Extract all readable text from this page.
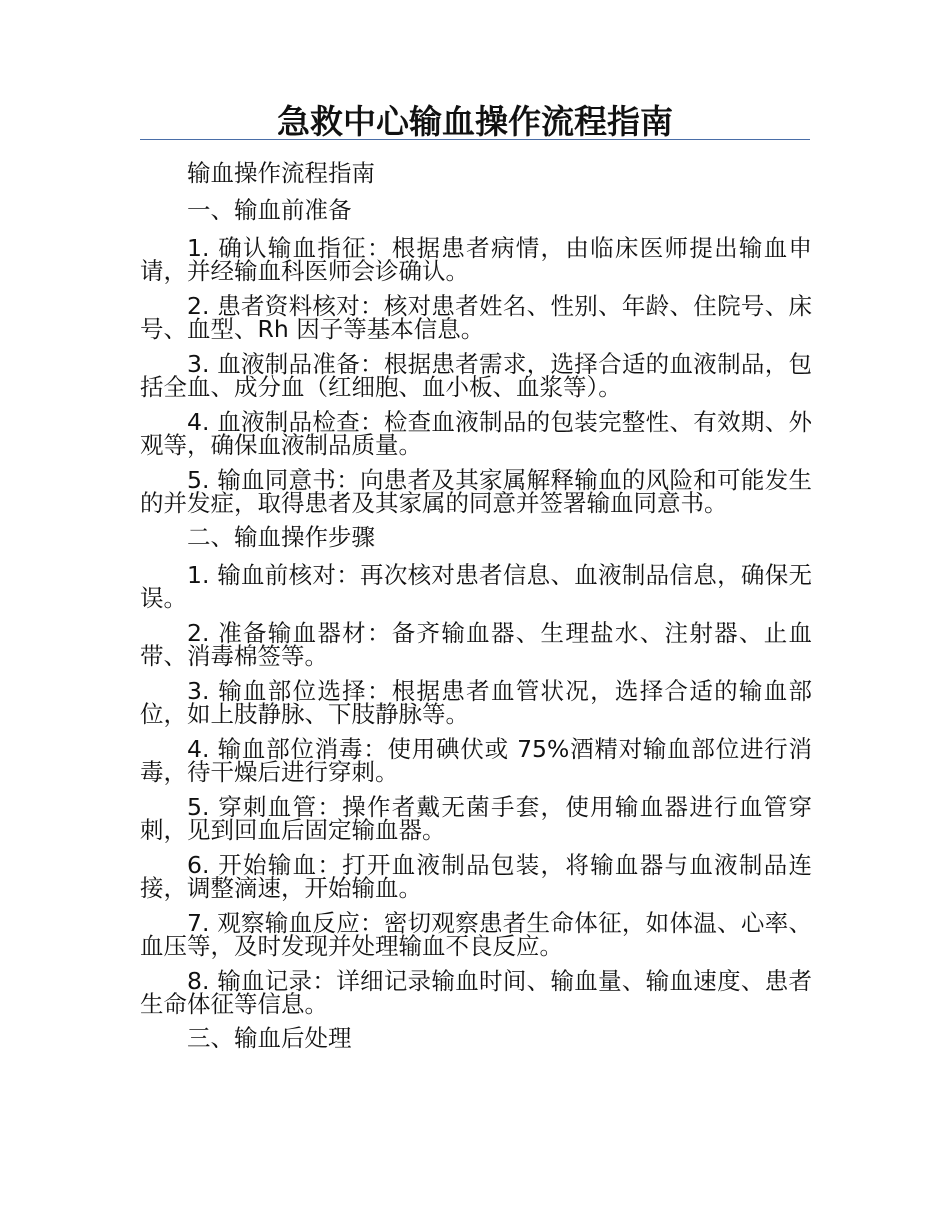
急救中心输血操作流程指南

输血操作流程指南

一、输血前准备

1. 确认输血指征：根据患者病情，由临床医师提出输血申请，并经输血科医师会诊确认。

2. 患者资料核对：核对患者姓名、性别、年龄、住院号、床号、血型、Rh 因子等基本信息。

3. 血液制品准备：根据患者需求，选择合适的血液制品，包括全血、成分血（红细胞、血小板、血浆等）。

4. 血液制品检查：检查血液制品的包装完整性、有效期、外观等，确保血液制品质量。

5. 输血同意书：向患者及其家属解释输血的风险和可能发生的并发症，取得患者及其家属的同意并签署输血同意书。

二、输血操作步骤

1. 输血前核对：再次核对患者信息、血液制品信息，确保无误。

2. 准备输血器材：备齐输血器、生理盐水、注射器、止血带、消毒棉签等。

3. 输血部位选择：根据患者血管状况，选择合适的输血部位，如上肢静脉、下肢静脉等。

4. 输血部位消毒：使用碘伏或 75%酒精对输血部位进行消毒，待干燥后进行穿刺。

5. 穿刺血管：操作者戴无菌手套，使用输血器进行血管穿刺，见到回血后固定输血器。

6. 开始输血：打开血液制品包装，将输血器与血液制品连接，调整滴速，开始输血。

7. 观察输血反应：密切观察患者生命体征，如体温、心率、血压等，及时发现并处理输血不良反应。

8. 输血记录：详细记录输血时间、输血量、输血速度、患者生命体征等信息。

三、输血后处理
